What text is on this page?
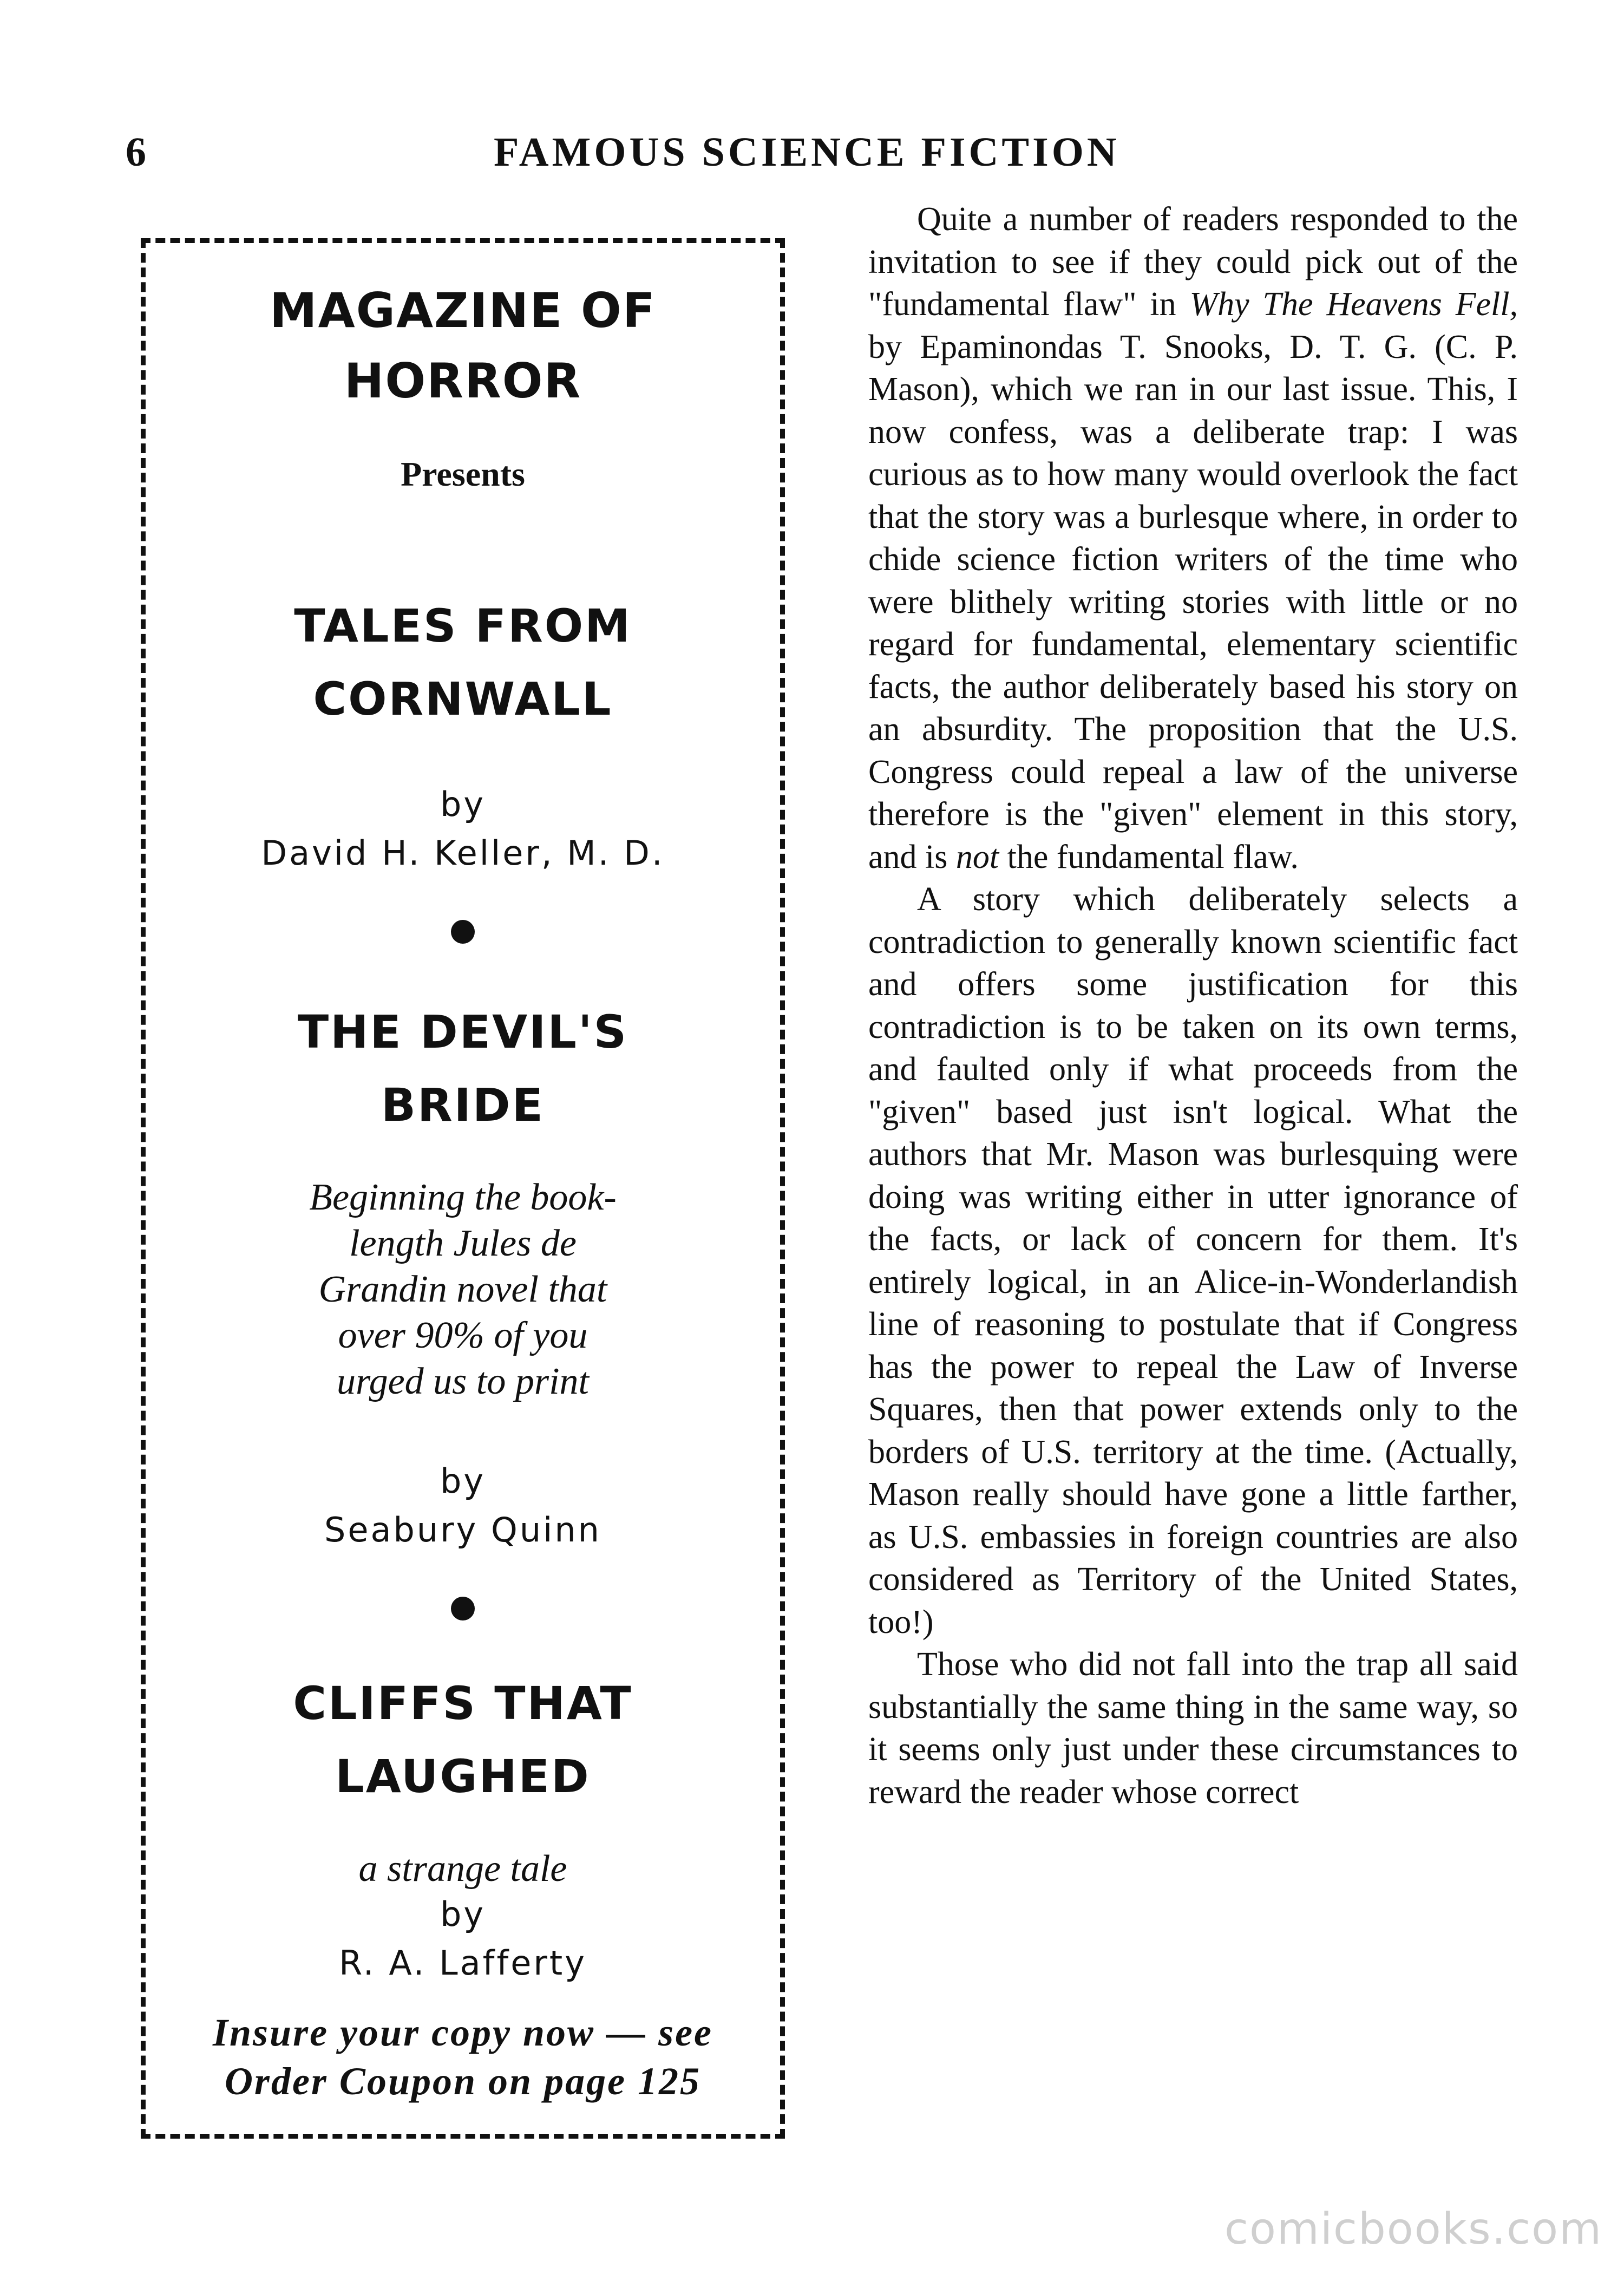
6	FAMOUS SCIENCE FICTION
MAGAZINE OF
HORROR
Presents
TALES FROM
CORNWALL
by
David H. Keller, M. D.
THE DEVIL'S
BRIDE
Beginning the book-
length Jules de
Grandin novel that
over 90% of you
urged us to print
by
Seabury Quinn
CLIFFS THAT
LAUGHED
a strange tale
by
R. A. Lafferty
Insure your copy now — see
Order Coupon on page 125

Quite a number of readers responded to the invitation to see if they could pick out of the "fundamental flaw" in Why The Heavens Fell, by Epaminondas T. Snooks, D. T. G. (C. P. Mason), which we ran in our last issue. This, I now confess, was a deliberate trap: I was curious as to how many would overlook the fact that the story was a burlesque where, in order to chide science fiction writers of the time who were blithely writing stories with little or no regard for fundamental, elementary scientific facts, the author deliberately based his story on an absurdity. The proposition that the U.S. Congress could repeal a law of the universe therefore is the "given" element in this story, and is not the fundamental flaw.

A story which deliberately selects a contradiction to generally known scientific fact and offers some justification for this contradiction is to be taken on its own terms, and faulted only if what proceeds from the "given" based just isn't logical. What the authors that Mr. Mason was burlesquing were doing was writing either in utter ignorance of the facts, or lack of concern for them. It's entirely logical, in an Alice-in-Wonderlandish line of reasoning to postulate that if Congress has the power to repeal the Law of Inverse Squares, then that power extends only to the borders of U.S. territory at the time. (Actually, Mason really should have gone a little farther, as U.S. embassies in foreign countries are also considered as Territory of the United States, too!)

Those who did not fall into the trap all said substantially the same thing in the same way, so it seems only just under these circumstances to reward the reader whose correct

comicbooks.com
